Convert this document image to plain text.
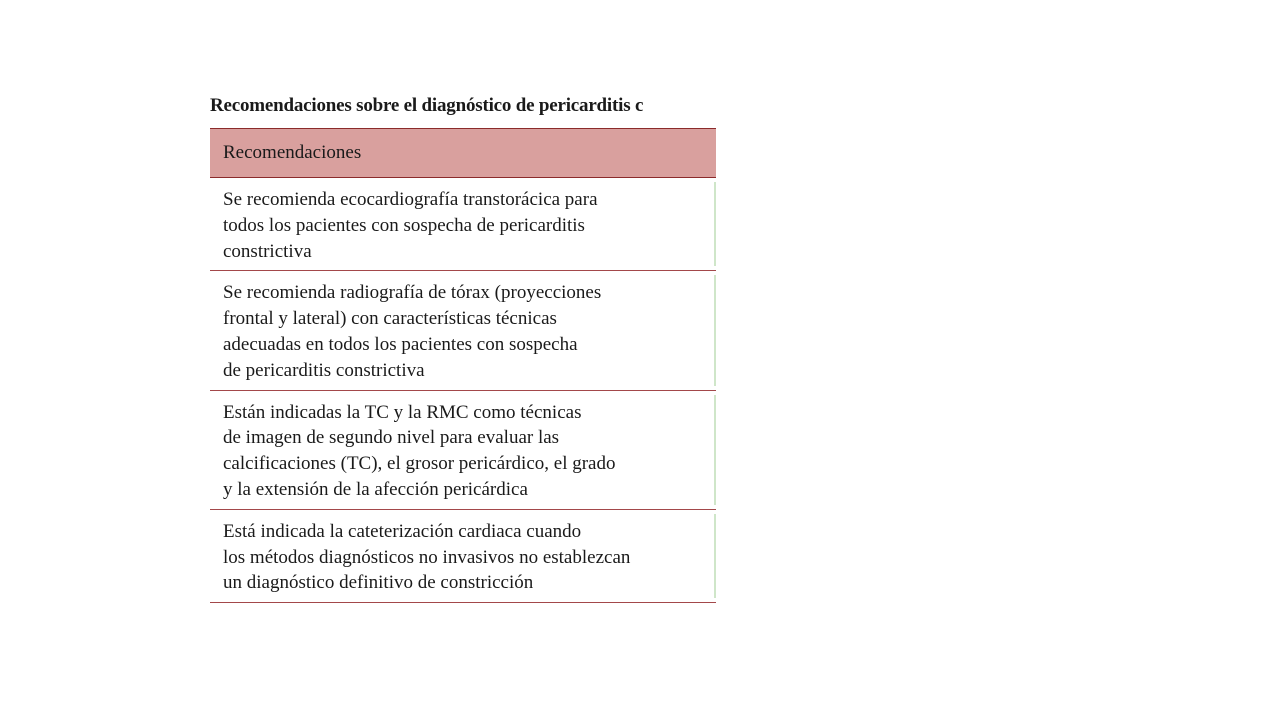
Recomendaciones sobre el diagnóstico de pericarditis c
Recomendaciones
Se recomienda ecocardiografía transtorácica para
todos los pacientes con sospecha de pericarditis
constrictiva
Se recomienda radiografía de tórax (proyecciones
frontal y lateral) con características técnicas
adecuadas en todos los pacientes con sospecha
de pericarditis constrictiva
Están indicadas la TC y la RMC como técnicas
de imagen de segundo nivel para evaluar las
calcificaciones (TC), el grosor pericárdico, el grado
y la extensión de la afección pericárdica
Está indicada la cateterización cardiaca cuando
los métodos diagnósticos no invasivos no establezcan
un diagnóstico definitivo de constricción
